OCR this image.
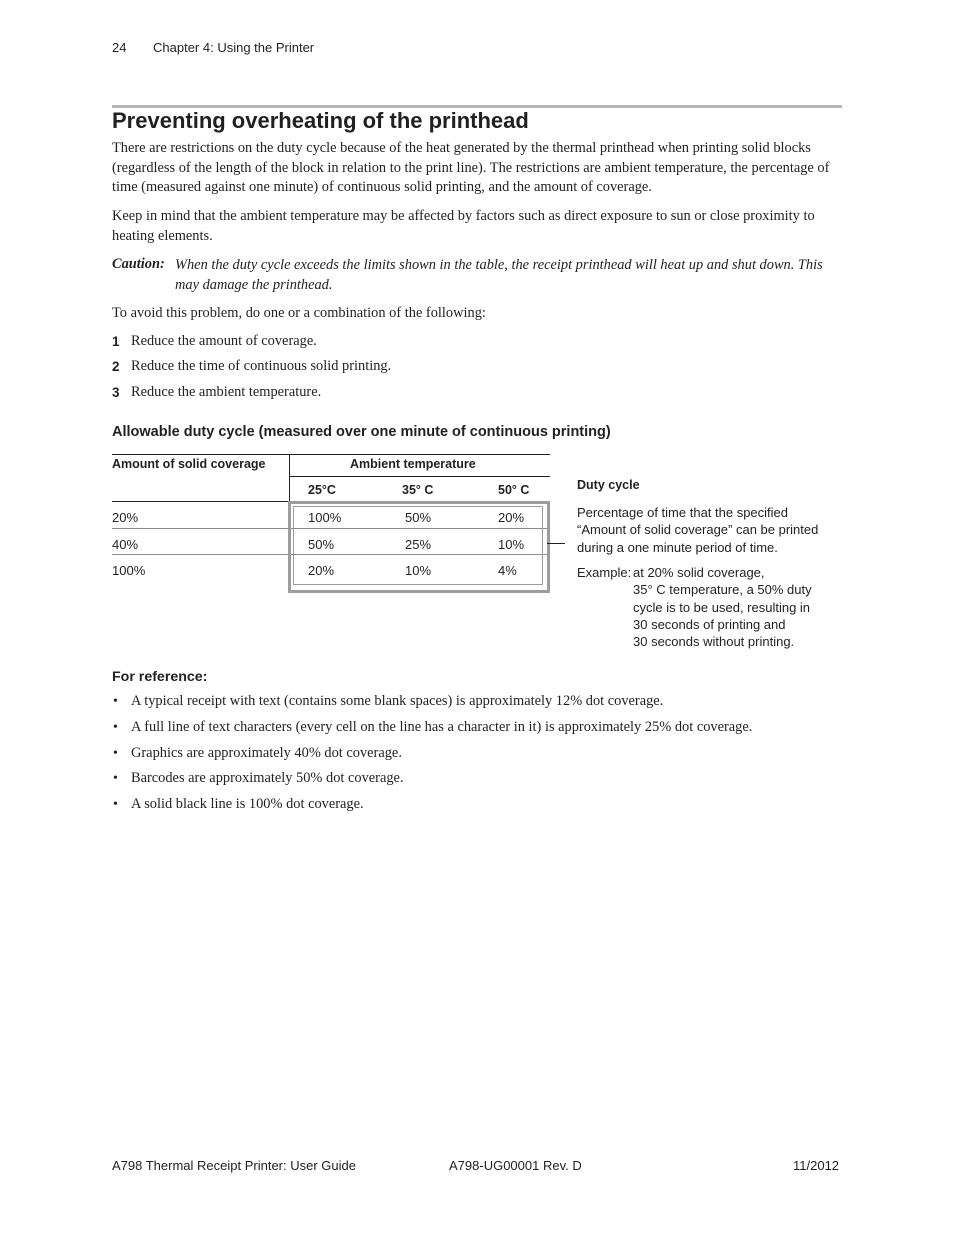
24 Chapter 4: Using the Printer
Preventing overheating of the printhead
There are restrictions on the duty cycle because of the heat generated by the thermal printhead when printing solid blocks (regardless of the length of the block in relation to the print line). The restrictions are ambient temperature, the percentage of time (measured against one minute) of continuous solid printing, and the amount of coverage.
Keep in mind that the ambient temperature may be affected by factors such as direct exposure to sun or close proximity to heating elements.
Caution: When the duty cycle exceeds the limits shown in the table, the receipt printhead will heat up and shut down. This may damage the printhead.
To avoid this problem, do one or a combination of the following:
1 Reduce the amount of coverage.
2 Reduce the time of continuous solid printing.
3 Reduce the ambient temperature.
Allowable duty cycle (measured over one minute of continuous printing)
Amount of solid coverage	Ambient temperature
25°C	35° C	50° C
20%	100%	50%	20%
40%	50%	25%	10%
100%	20%	10%	4%
Duty cycle
Percentage of time that the specified “Amount of solid coverage” can be printed during a one minute period of time.
Example: at 20% solid coverage,
35° C temperature, a 50% duty
cycle is to be used, resulting in
30 seconds of printing and
30 seconds without printing.
For reference:
• A typical receipt with text (contains some blank spaces) is approximately 12% dot coverage.
• A full line of text characters (every cell on the line has a character in it) is approximately 25% dot coverage.
• Graphics are approximately 40% dot coverage.
• Barcodes are approximately 50% dot coverage.
• A solid black line is 100% dot coverage.
A798 Thermal Receipt Printer: User Guide	A798-UG00001 Rev. D	11/2012
